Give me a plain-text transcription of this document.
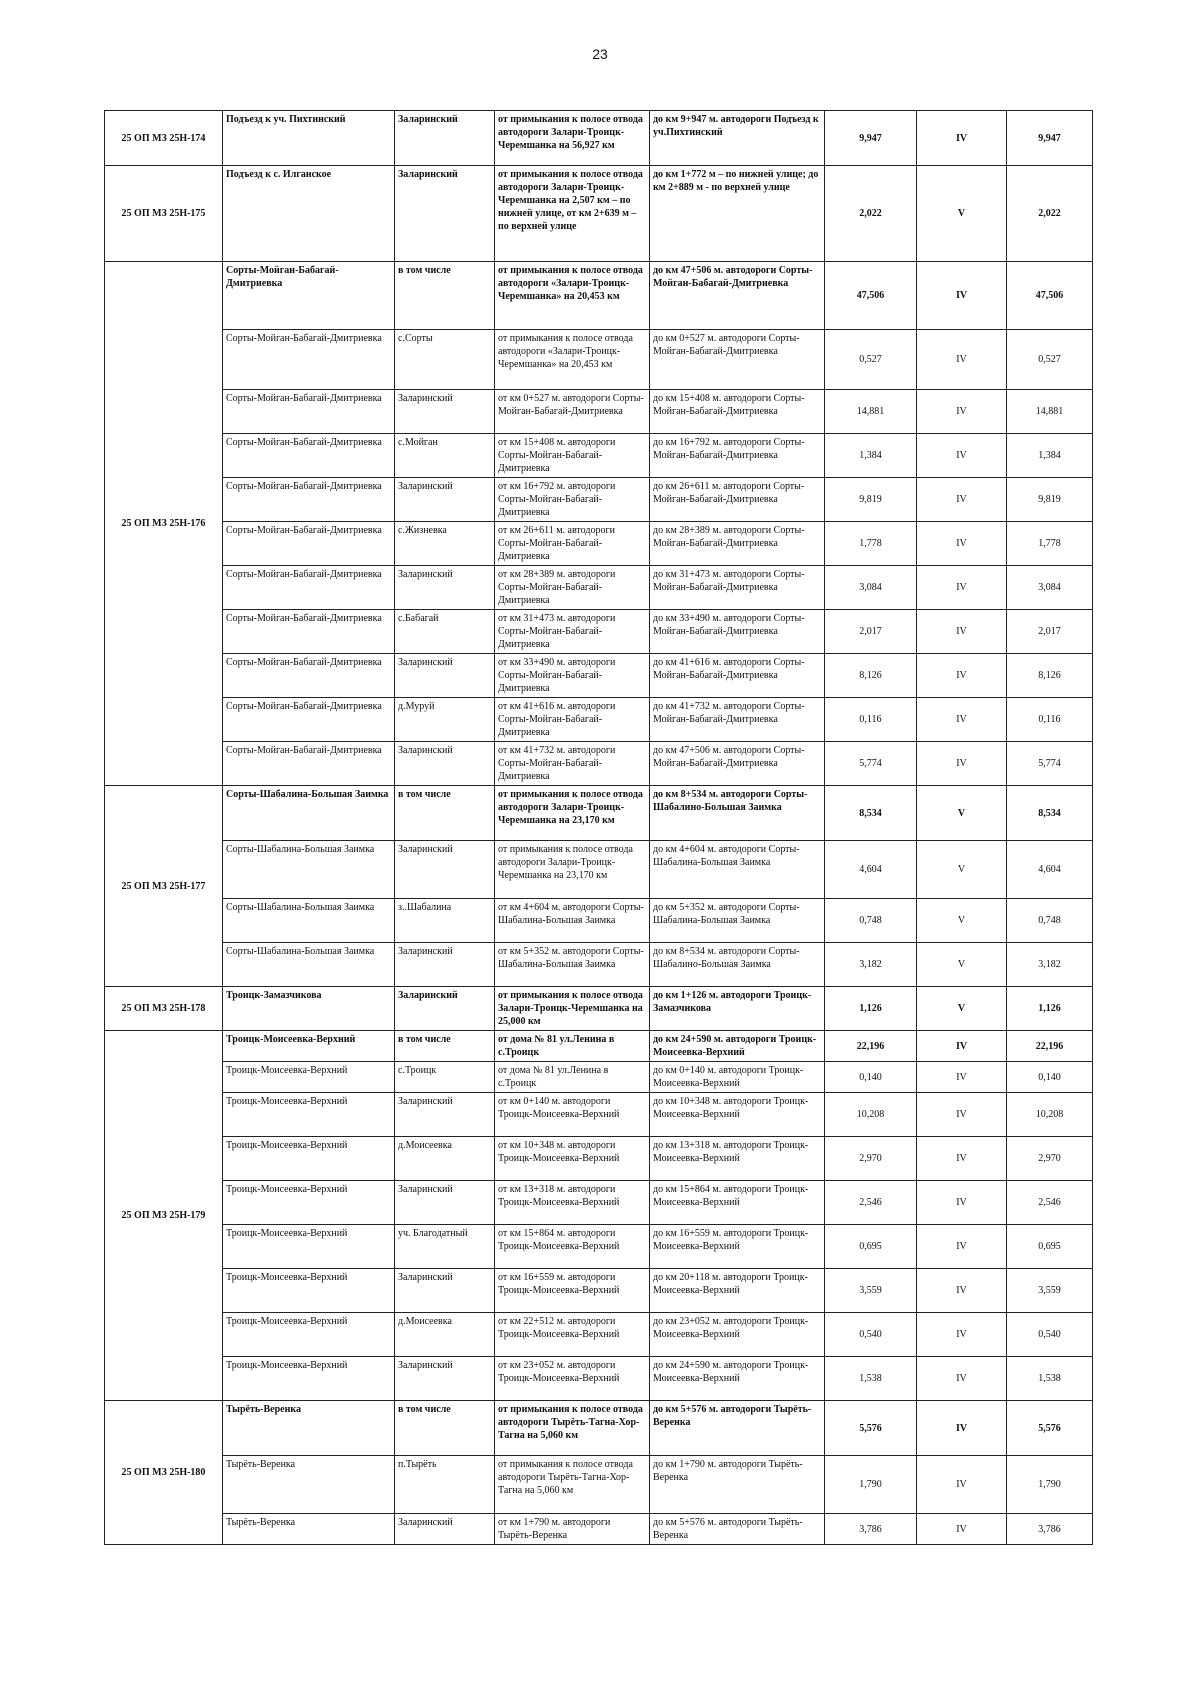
23
25 ОП МЗ 25Н-174	Подъезд к уч. Пихтинский	Заларинский	от примыкания к полосе отвода автодороги Залари-Троицк-Черемшанка на 56,927 км	до км 9+947 м. автодороги Подъезд к уч.Пихтинский	9,947	IV	9,947
25 ОП МЗ 25Н-175	Подъезд к с. Илганское	Заларинский	от примыкания к полосе отвода автодороги Залари-Троицк-Черемшанка на 2,507 км – по нижней улице, от км 2+639 м – по верхней улице	до км 1+772 м – по нижней улице; до км 2+889 м - по верхней улице	2,022	V	2,022
25 ОП МЗ 25Н-176	Сорты-Мойган-Бабагай-Дмитриевка	в том числе	от примыкания к полосе отвода автодороги «Залари-Троицк-Черемшанка» на 20,453 км	до км 47+506 м. автодороги Сорты-Мойган-Бабагай-Дмитриевка	47,506	IV	47,506
	Сорты-Мойган-Бабагай-Дмитриевка	с.Сорты	от примыкания к полосе отвода автодороги «Залари-Троицк-Черемшанка» на 20,453 км	до км 0+527 м. автодороги Сорты-Мойган-Бабагай-Дмитриевка	0,527	IV	0,527
	Сорты-Мойган-Бабагай-Дмитриевка	Заларинский	от км 0+527 м. автодороги Сорты-Мойган-Бабагай-Дмитриевка	до км 15+408 м. автодороги Сорты-Мойган-Бабагай-Дмитриевка	14,881	IV	14,881
	Сорты-Мойган-Бабагай-Дмитриевка	с.Мойган	от км 15+408 м. автодороги Сорты-Мойган-Бабагай-Дмитриевка	до км 16+792 м. автодороги Сорты-Мойган-Бабагай-Дмитриевка	1,384	IV	1,384
	Сорты-Мойган-Бабагай-Дмитриевка	Заларинский	от км 16+792 м. автодороги Сорты-Мойган-Бабагай-Дмитриевка	до км 26+611 м. автодороги Сорты-Мойган-Бабагай-Дмитриевка	9,819	IV	9,819
	Сорты-Мойган-Бабагай-Дмитриевка	с.Жизневка	от км 26+611 м. автодороги Сорты-Мойган-Бабагай-Дмитриевка	до км 28+389 м. автодороги Сорты-Мойган-Бабагай-Дмитриевка	1,778	IV	1,778
	Сорты-Мойган-Бабагай-Дмитриевка	Заларинский	от км 28+389 м. автодороги Сорты-Мойган-Бабагай-Дмитриевка	до км 31+473 м. автодороги Сорты-Мойган-Бабагай-Дмитриевка	3,084	IV	3,084
	Сорты-Мойган-Бабагай-Дмитриевка	с.Бабагай	от км 31+473 м. автодороги Сорты-Мойган-Бабагай-Дмитриевка	до км 33+490 м. автодороги Сорты-Мойган-Бабагай-Дмитриевка	2,017	IV	2,017
	Сорты-Мойган-Бабагай-Дмитриевка	Заларинский	от км 33+490 м. автодороги Сорты-Мойган-Бабагай-Дмитриевка	до км 41+616 м. автодороги Сорты-Мойган-Бабагай-Дмитриевка	8,126	IV	8,126
	Сорты-Мойган-Бабагай-Дмитриевка	д.Муруй	от км 41+616 м. автодороги Сорты-Мойган-Бабагай-Дмитриевка	до км 41+732 м. автодороги Сорты-Мойган-Бабагай-Дмитриевка	0,116	IV	0,116
	Сорты-Мойган-Бабагай-Дмитриевка	Заларинский	от км 41+732 м. автодороги Сорты-Мойган-Бабагай-Дмитриевка	до км 47+506 м. автодороги Сорты-Мойган-Бабагай-Дмитриевка	5,774	IV	5,774
25 ОП МЗ 25Н-177	Сорты-Шабалина-Большая Заимка	в том числе	от примыкания к полосе отвода автодороги Залари-Троицк-Черемшанка на 23,170 км	до км 8+534 м. автодороги Сорты-Шабалино-Большая Заимка	8,534	V	8,534
	Сорты-Шабалина-Большая Заимка	Заларинский	от примыкания к полосе отвода автодороги Залари-Троицк-Черемшанка на 23,170 км	до км 4+604 м. автодороги Сорты-Шабалина-Большая Заимка	4,604	V	4,604
	Сорты-Шабалина-Большая Заимка	з..Шабалина	от км 4+604 м. автодороги Сорты-Шабалина-Большая Заимка	до км 5+352 м. автодороги Сорты-Шабалина-Большая Заимка	0,748	V	0,748
	Сорты-Шабалина-Большая Заимка	Заларинский	от км 5+352 м. автодороги Сорты-Шабалина-Большая Заимка	до км 8+534 м. автодороги Сорты-Шабалино-Большая Заимка	3,182	V	3,182
25 ОП МЗ 25Н-178	Троицк-Замазчикова	Заларинский	от примыкания к полосе отвода Залари-Троицк-Черемшанка на 25,000 км	до км 1+126 м. автодороги Троицк-Замазчикова	1,126	V	1,126
25 ОП МЗ 25Н-179	Троицк-Моисеевка-Верхний	в том числе	от дома № 81 ул.Ленина в с.Троицк	до км 24+590 м. автодороги Троицк-Моисеевка-Верхний	22,196	IV	22,196
	Троицк-Моисеевка-Верхний	с.Троицк	от дома № 81 ул.Ленина в с.Троицк	до км 0+140 м. автодороги Троицк-Моисеевка-Верхний	0,140	IV	0,140
	Троицк-Моисеевка-Верхний	Заларинский	от км 0+140 м. автодороги Троицк-Моисеевка-Верхний	до км 10+348 м. автодороги Троицк-Моисеевка-Верхний	10,208	IV	10,208
	Троицк-Моисеевка-Верхний	д.Моисеевка	от км 10+348 м. автодороги Троицк-Моисеевка-Верхний	до км 13+318 м. автодороги Троицк-Моисеевка-Верхний	2,970	IV	2,970
	Троицк-Моисеевка-Верхний	Заларинский	от км 13+318 м. автодороги Троицк-Моисеевка-Верхний	до км 15+864 м. автодороги Троицк-Моисеевка-Верхний	2,546	IV	2,546
	Троицк-Моисеевка-Верхний	уч. Благодатный	от км 15+864 м. автодороги Троицк-Моисеевка-Верхний	до км 16+559 м. автодороги Троицк-Моисеевка-Верхний	0,695	IV	0,695
	Троицк-Моисеевка-Верхний	Заларинский	от км 16+559 м. автодороги Троицк-Моисеевка-Верхний	до км 20+118 м. автодороги Троицк-Моисеевка-Верхний	3,559	IV	3,559
	Троицк-Моисеевка-Верхний	д.Моисеевка	от км 22+512 м. автодороги Троицк-Моисеевка-Верхний	до км 23+052 м. автодороги Троицк-Моисеевка-Верхний	0,540	IV	0,540
	Троицк-Моисеевка-Верхний	Заларинский	от км 23+052 м. автодороги Троицк-Моисеевка-Верхний	до км 24+590 м. автодороги Троицк-Моисеевка-Верхний	1,538	IV	1,538
25 ОП МЗ 25Н-180	Тырёть-Веренка	в том числе	от примыкания к полосе отвода автодороги Тырёть-Тагна-Хор-Тагна на 5,060 км	до км 5+576 м. автодороги Тырёть-Веренка	5,576	IV	5,576
	Тырёть-Веренка	п.Тырёть	от примыкания к полосе отвода автодороги Тырёть-Тагна-Хор-Тагна на 5,060 км	до км 1+790 м. автодороги Тырёть-Веренка	1,790	IV	1,790
	Тырёть-Веренка	Заларинский	от км 1+790 м. автодороги Тырёть-Веренка	до км 5+576 м. автодороги Тырёть-Веренка	3,786	IV	3,786
